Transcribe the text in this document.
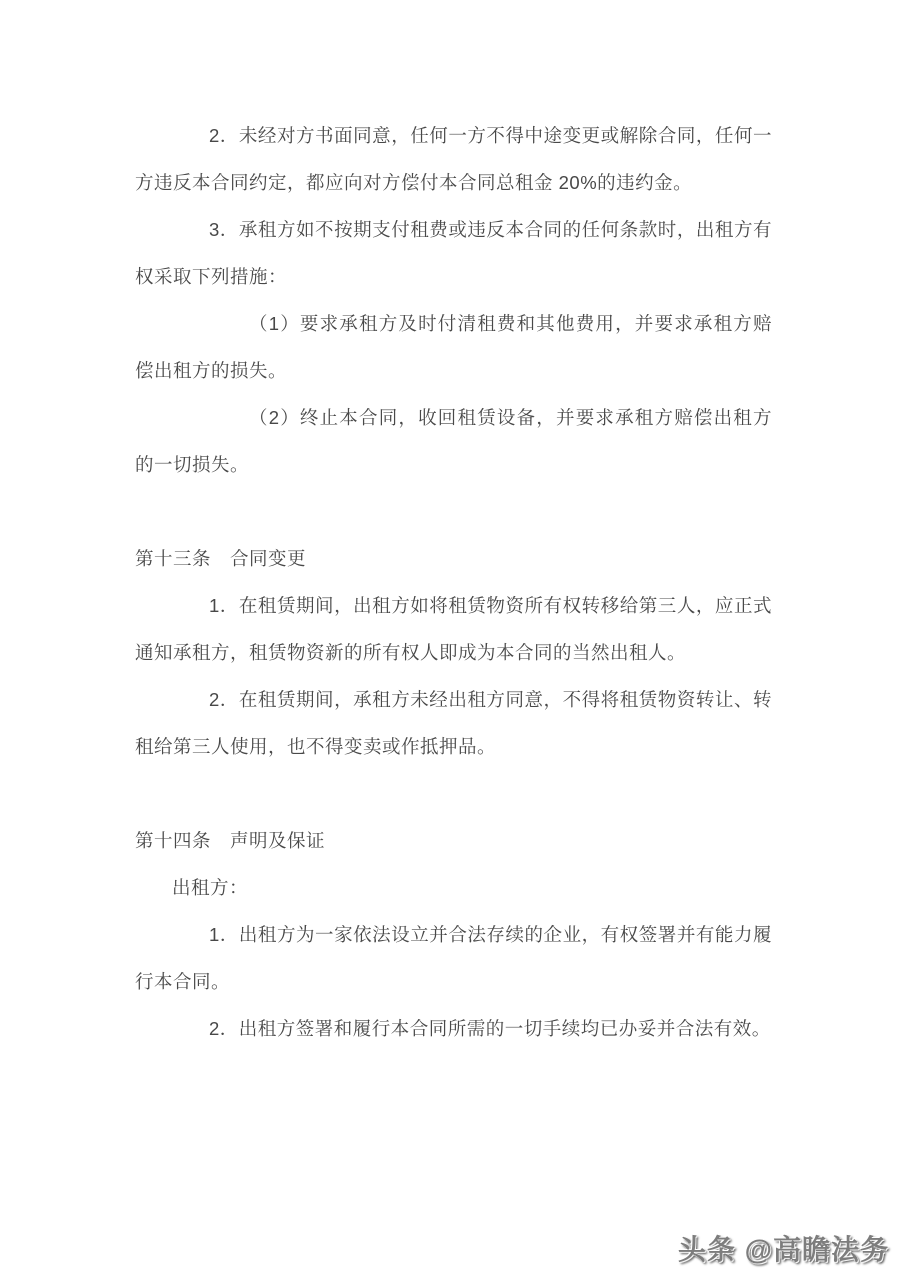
2．未经对方书面同意，任何一方不得中途变更或解除合同，任何一方违反本合同约定，都应向对方偿付本合同总租金 20%的违约金。

3．承租方如不按期支付租费或违反本合同的任何条款时，出租方有权采取下列措施：

（1）要求承租方及时付清租费和其他费用，并要求承租方赔偿出租方的损失。

（2）终止本合同，收回租赁设备，并要求承租方赔偿出租方的一切损失。

第十三条　合同变更

1．在租赁期间，出租方如将租赁物资所有权转移给第三人，应正式通知承租方，租赁物资新的所有权人即成为本合同的当然出租人。

2．在租赁期间，承租方未经出租方同意，不得将租赁物资转让、转租给第三人使用，也不得变卖或作抵押品。

第十四条　声明及保证

出租方：

1．出租方为一家依法设立并合法存续的企业，有权签署并有能力履行本合同。

2．出租方签署和履行本合同所需的一切手续均已办妥并合法有效。

头条 @高瞻法务
